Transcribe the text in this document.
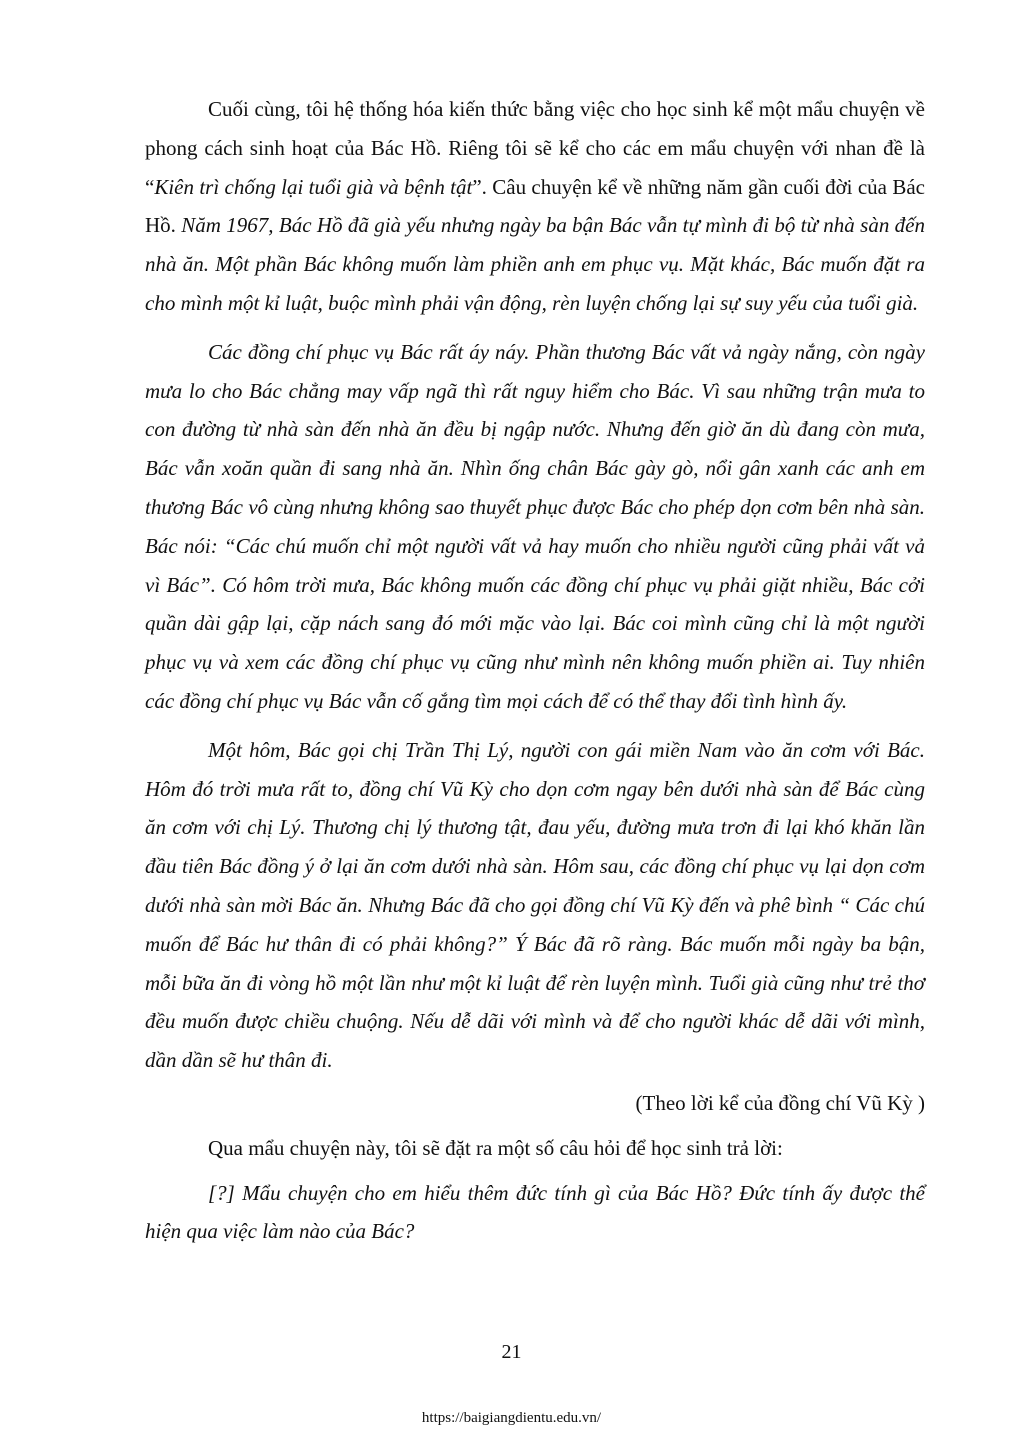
Cuối cùng, tôi hệ thống hóa kiến thức bằng việc cho học sinh kể một mẩu chuyện về phong cách sinh hoạt của Bác Hồ. Riêng tôi sẽ kể cho các em mẩu chuyện với nhan đề là “Kiên trì chống lại tuổi già và bệnh tật”. Câu chuyện kể về những năm gần cuối đời của Bác Hồ. Năm 1967, Bác Hồ đã già yếu nhưng ngày ba bận Bác vẫn tự mình đi bộ từ nhà sàn đến nhà ăn. Một phần Bác không muốn làm phiền anh em phục vụ. Mặt khác, Bác muốn đặt ra cho mình một kỉ luật, buộc mình phải vận động, rèn luyện chống lại sự suy yếu của tuổi già.

Các đồng chí phục vụ Bác rất áy náy. Phần thương Bác vất vả ngày nắng, còn ngày mưa lo cho Bác chẳng may vấp ngã thì rất nguy hiểm cho Bác. Vì sau những trận mưa to con đường từ nhà sàn đến nhà ăn đều bị ngập nước. Nhưng đến giờ ăn dù đang còn mưa, Bác vẫn xoăn quần đi sang nhà ăn. Nhìn ống chân Bác gày gò, nổi gân xanh các anh em thương Bác vô cùng nhưng không sao thuyết phục được Bác cho phép dọn cơm bên nhà sàn. Bác nói: “Các chú muốn chỉ một người vất vả hay muốn cho nhiều người cũng phải vất vả vì Bác”. Có hôm trời mưa, Bác không muốn các đồng chí phục vụ phải giặt nhiều, Bác cởi quần dài gập lại, cặp nách sang đó mới mặc vào lại. Bác coi mình cũng chỉ là một người phục vụ và xem các đồng chí phục vụ cũng như mình nên không muốn phiền ai. Tuy nhiên các đồng chí phục vụ Bác vẫn cố gắng tìm mọi cách để có thể thay đổi tình hình ấy.

Một hôm, Bác gọi chị Trần Thị Lý, người con gái miền Nam vào ăn cơm với Bác. Hôm đó trời mưa rất to, đồng chí Vũ Kỳ cho dọn cơm ngay bên dưới nhà sàn để Bác cùng ăn cơm với chị Lý. Thương chị lý thương tật, đau yếu, đường mưa trơn đi lại khó khăn lần đầu tiên Bác đồng ý ở lại ăn cơm dưới nhà sàn. Hôm sau, các đồng chí phục vụ lại dọn cơm dưới nhà sàn mời Bác ăn. Nhưng Bác đã cho gọi đồng chí Vũ Kỳ đến và phê bình “ Các chú muốn để Bác hư thân đi có phải không?” Ý Bác đã rõ ràng. Bác muốn mỗi ngày ba bận, mỗi bữa ăn đi vòng hồ một lần như một kỉ luật để rèn luyện mình. Tuổi già cũng như trẻ thơ đều muốn được chiều chuộng. Nếu dễ dãi với mình và để cho người khác dễ dãi với mình, dần dần sẽ hư thân đi.

(Theo lời kể của đồng chí Vũ Kỳ )

Qua mẩu chuyện này, tôi sẽ đặt ra một số câu hỏi để học sinh trả lời:

[?] Mẩu chuyện cho em hiểu thêm đức tính gì của Bác Hồ? Đức tính ấy được thể hiện qua việc làm nào của Bác?

21
https://baigiangdientu.edu.vn/
